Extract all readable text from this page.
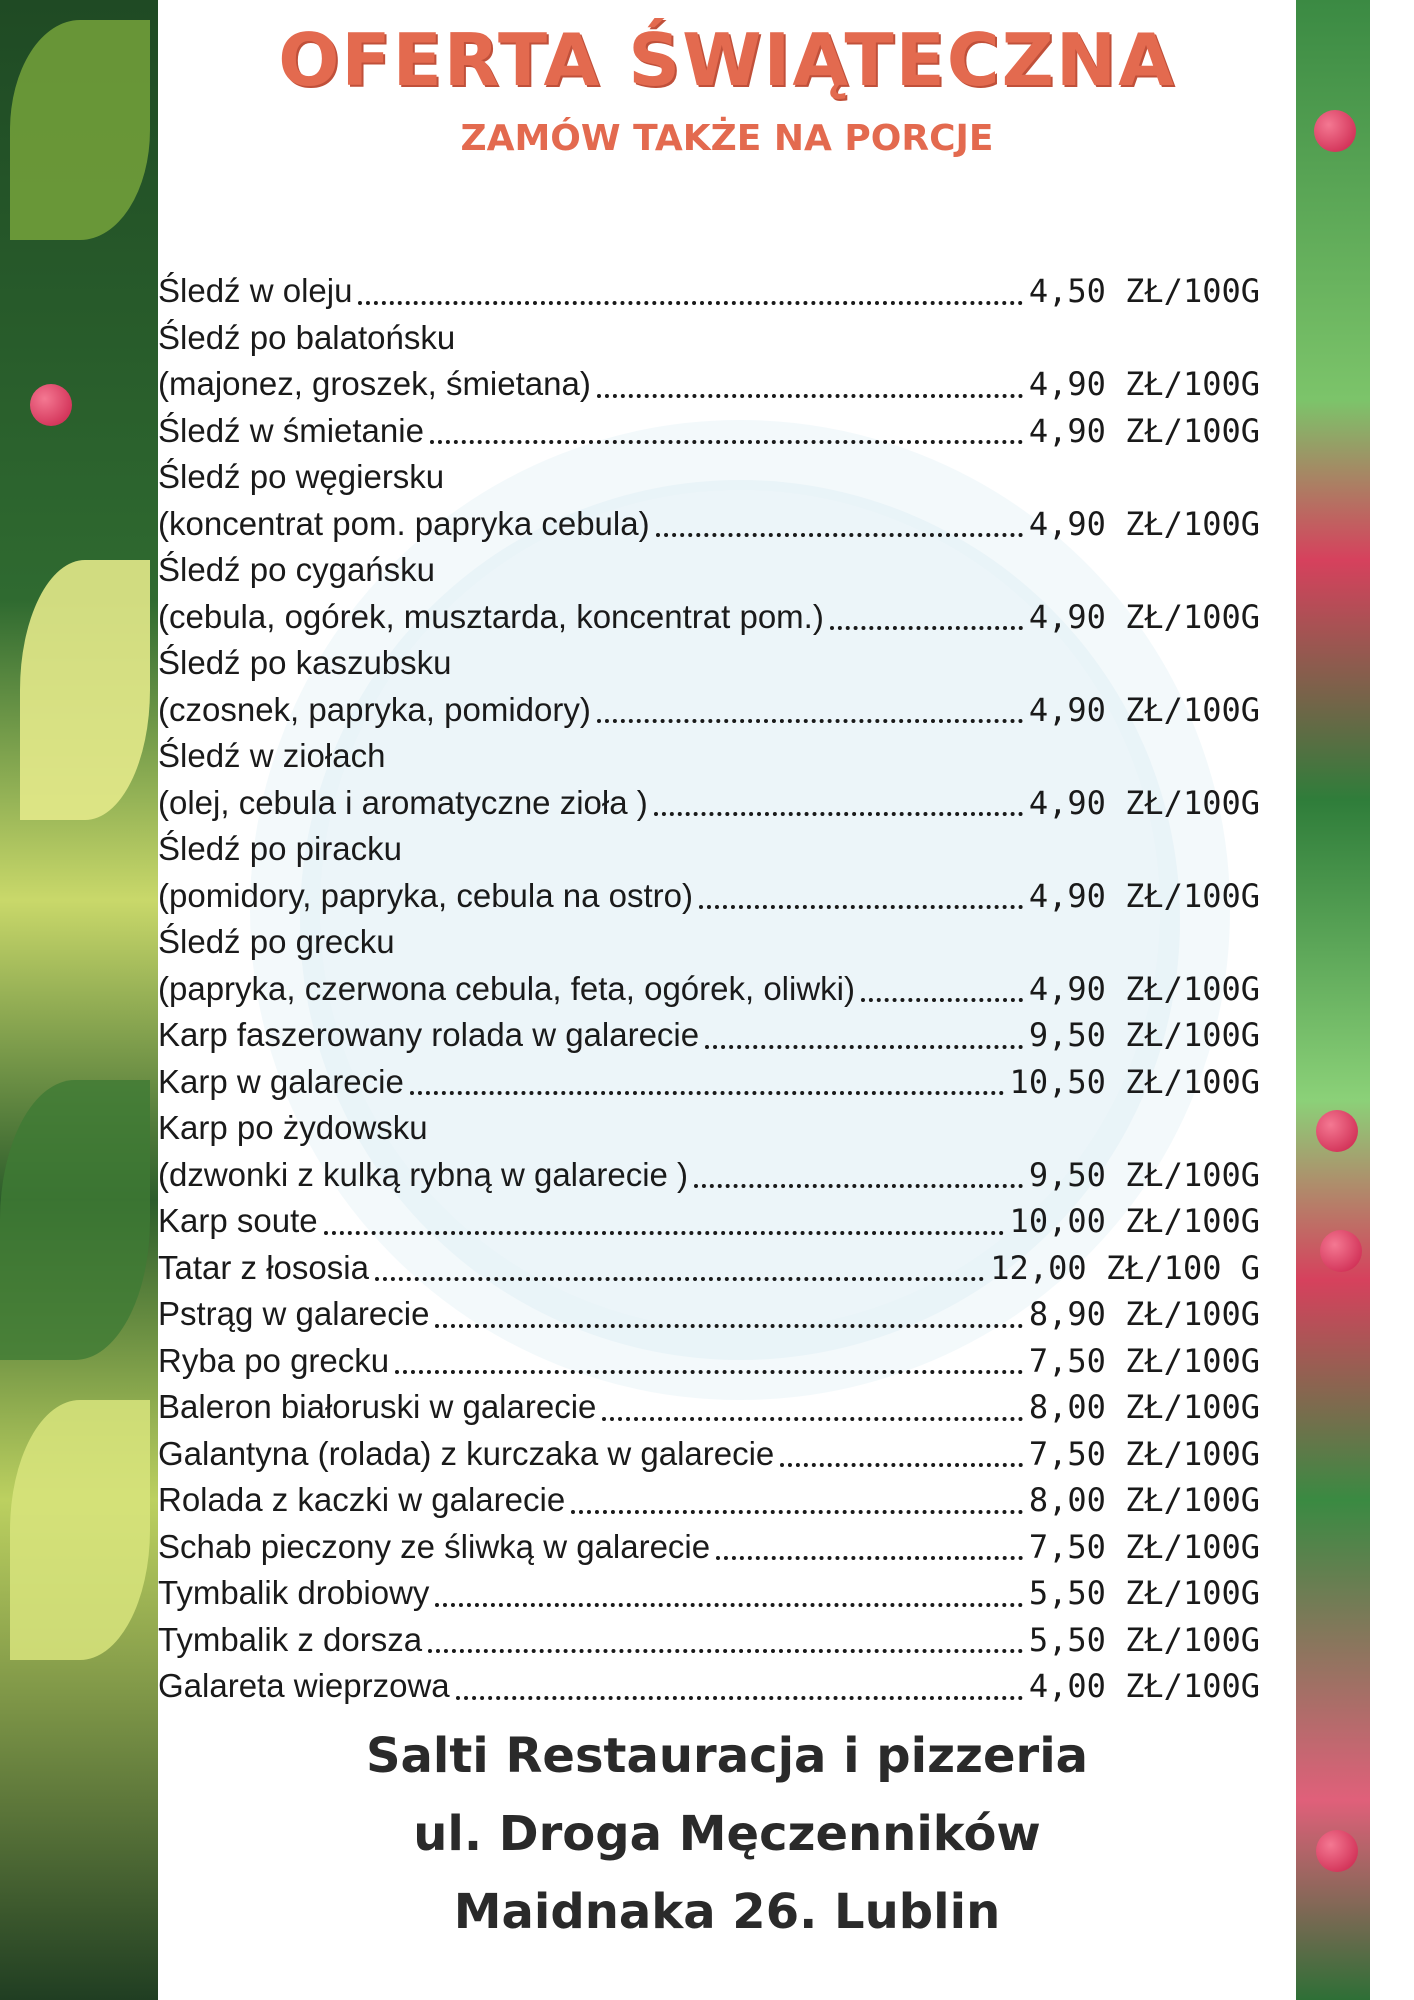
OFERTA ŚWIĄTECZNA
ZAMÓW TAKŻE NA PORCJE
Śledź w oleju	4,50 ZŁ/100G
Śledź po balatońsku
(majonez, groszek, śmietana)	4,90 ZŁ/100G
Śledź w śmietanie	4,90 ZŁ/100G
Śledź po węgiersku
(koncentrat pom. papryka cebula)	4,90 ZŁ/100G
Śledź po cygańsku
(cebula, ogórek, musztarda, koncentrat pom.)	4,90 ZŁ/100G
Śledź po kaszubsku
(czosnek, papryka, pomidory)	4,90 ZŁ/100G
Śledź w ziołach
(olej, cebula i aromatyczne zioła )	4,90 ZŁ/100G
Śledź po piracku
(pomidory, papryka, cebula na ostro)	4,90 ZŁ/100G
Śledź po grecku
(papryka, czerwona cebula, feta, ogórek, oliwki)	4,90 ZŁ/100G
Karp faszerowany rolada w galarecie	9,50 ZŁ/100G
Karp w galarecie	10,50 ZŁ/100G
Karp po żydowsku
(dzwonki z kulką rybną w galarecie )	9,50 ZŁ/100G
Karp soute	10,00 ZŁ/100G
Tatar z łososia	12,00 ZŁ/100 G
Pstrąg w galarecie	8,90 ZŁ/100G
Ryba po grecku	7,50 ZŁ/100G
Baleron białoruski w galarecie	8,00 ZŁ/100G
Galantyna (rolada) z kurczaka w galarecie	7,50 ZŁ/100G
Rolada z kaczki w galarecie	8,00 ZŁ/100G
Schab pieczony ze śliwką w galarecie	7,50 ZŁ/100G
Tymbalik drobiowy	5,50 ZŁ/100G
Tymbalik z dorsza	5,50 ZŁ/100G
Galareta wieprzowa	4,00 ZŁ/100G
Salti Restauracja i pizzeria
ul. Droga Męczenników
Maidnaka 26. Lublin
